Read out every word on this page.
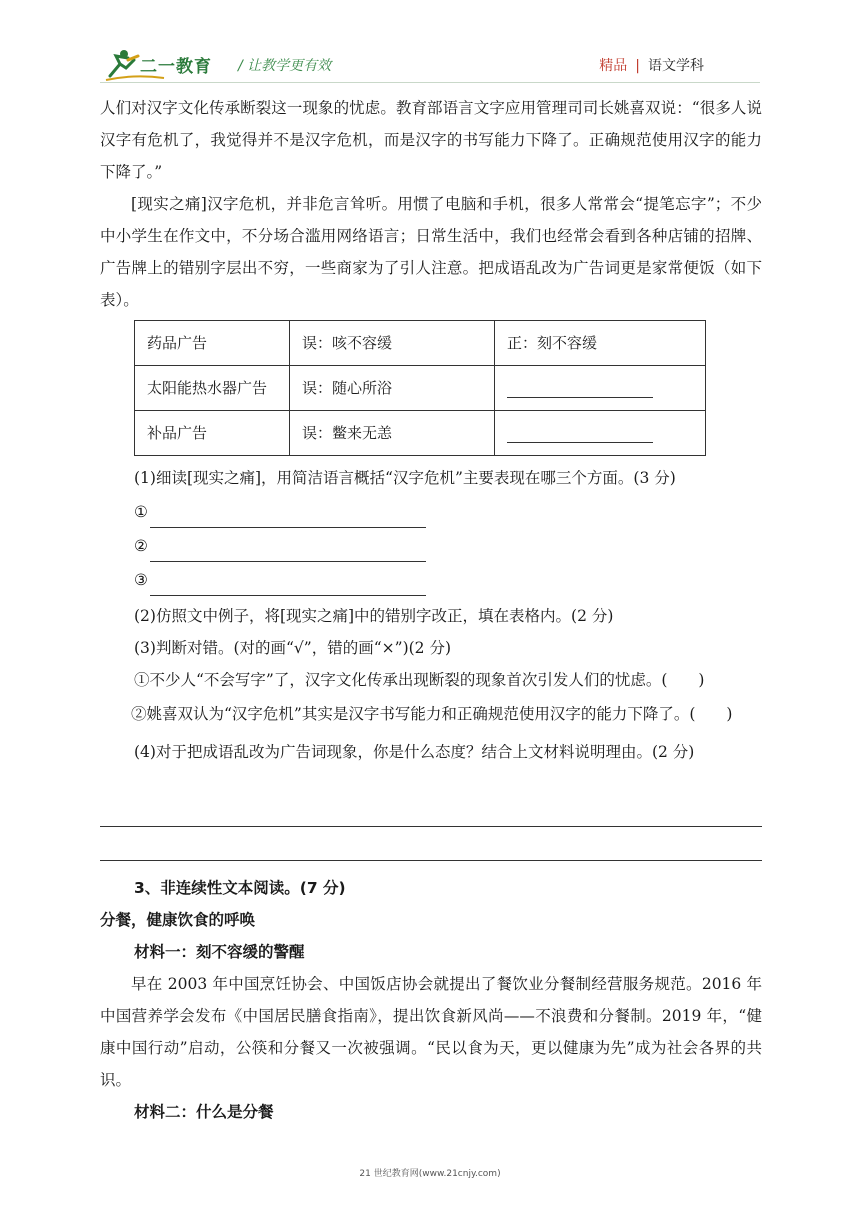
二一教育 / 让教学更有效	精品 | 语文学科

人们对汉字文化传承断裂这一现象的忧虑。教育部语言文字应用管理司司长姚喜双说：“很多人说汉字有危机了，我觉得并不是汉字危机，而是汉字的书写能力下降了。正确规范使用汉字的能力下降了。”

[现实之痛]汉字危机，并非危言耸听。用惯了电脑和手机，很多人常常会“提笔忘字”；不少中小学生在作文中，不分场合滥用网络语言；日常生活中，我们也经常会看到各种店铺的招牌、广告牌上的错别字层出不穷，一些商家为了引人注意。把成语乱改为广告词更是家常便饭（如下表）。

药品广告	误：咳不容缓	正：刻不容缓
太阳能热水器广告	误：随心所浴	
补品广告	误：鳖来无恙	

(1)细读[现实之痛]，用简洁语言概括“汉字危机”主要表现在哪三个方面。(3 分)

①
②
③

(2)仿照文中例子，将[现实之痛]中的错别字改正，填在表格内。(2 分)

(3)判断对错。(对的画“√”，错的画“×”)(2 分)

①不少人“不会写字”了，汉字文化传承出现断裂的现象首次引发人们的忧虑。(　　)

②姚喜双认为“汉字危机”其实是汉字书写能力和正确规范使用汉字的能力下降了。(　　)

(4)对于把成语乱改为广告词现象，你是什么态度？结合上文材料说明理由。(2 分)

3、非连续性文本阅读。(7 分)

分餐，健康饮食的呼唤

材料一：刻不容缓的警醒

早在 2003 年中国烹饪协会、中国饭店协会就提出了餐饮业分餐制经营服务规范。2016 年中国营养学会发布《中国居民膳食指南》，提出饮食新风尚——不浪费和分餐制。2019 年，“健康中国行动”启动，公筷和分餐又一次被强调。“民以食为天，更以健康为先”成为社会各界的共识。

材料二：什么是分餐

21 世纪教育网(www.21cnjy.com)
